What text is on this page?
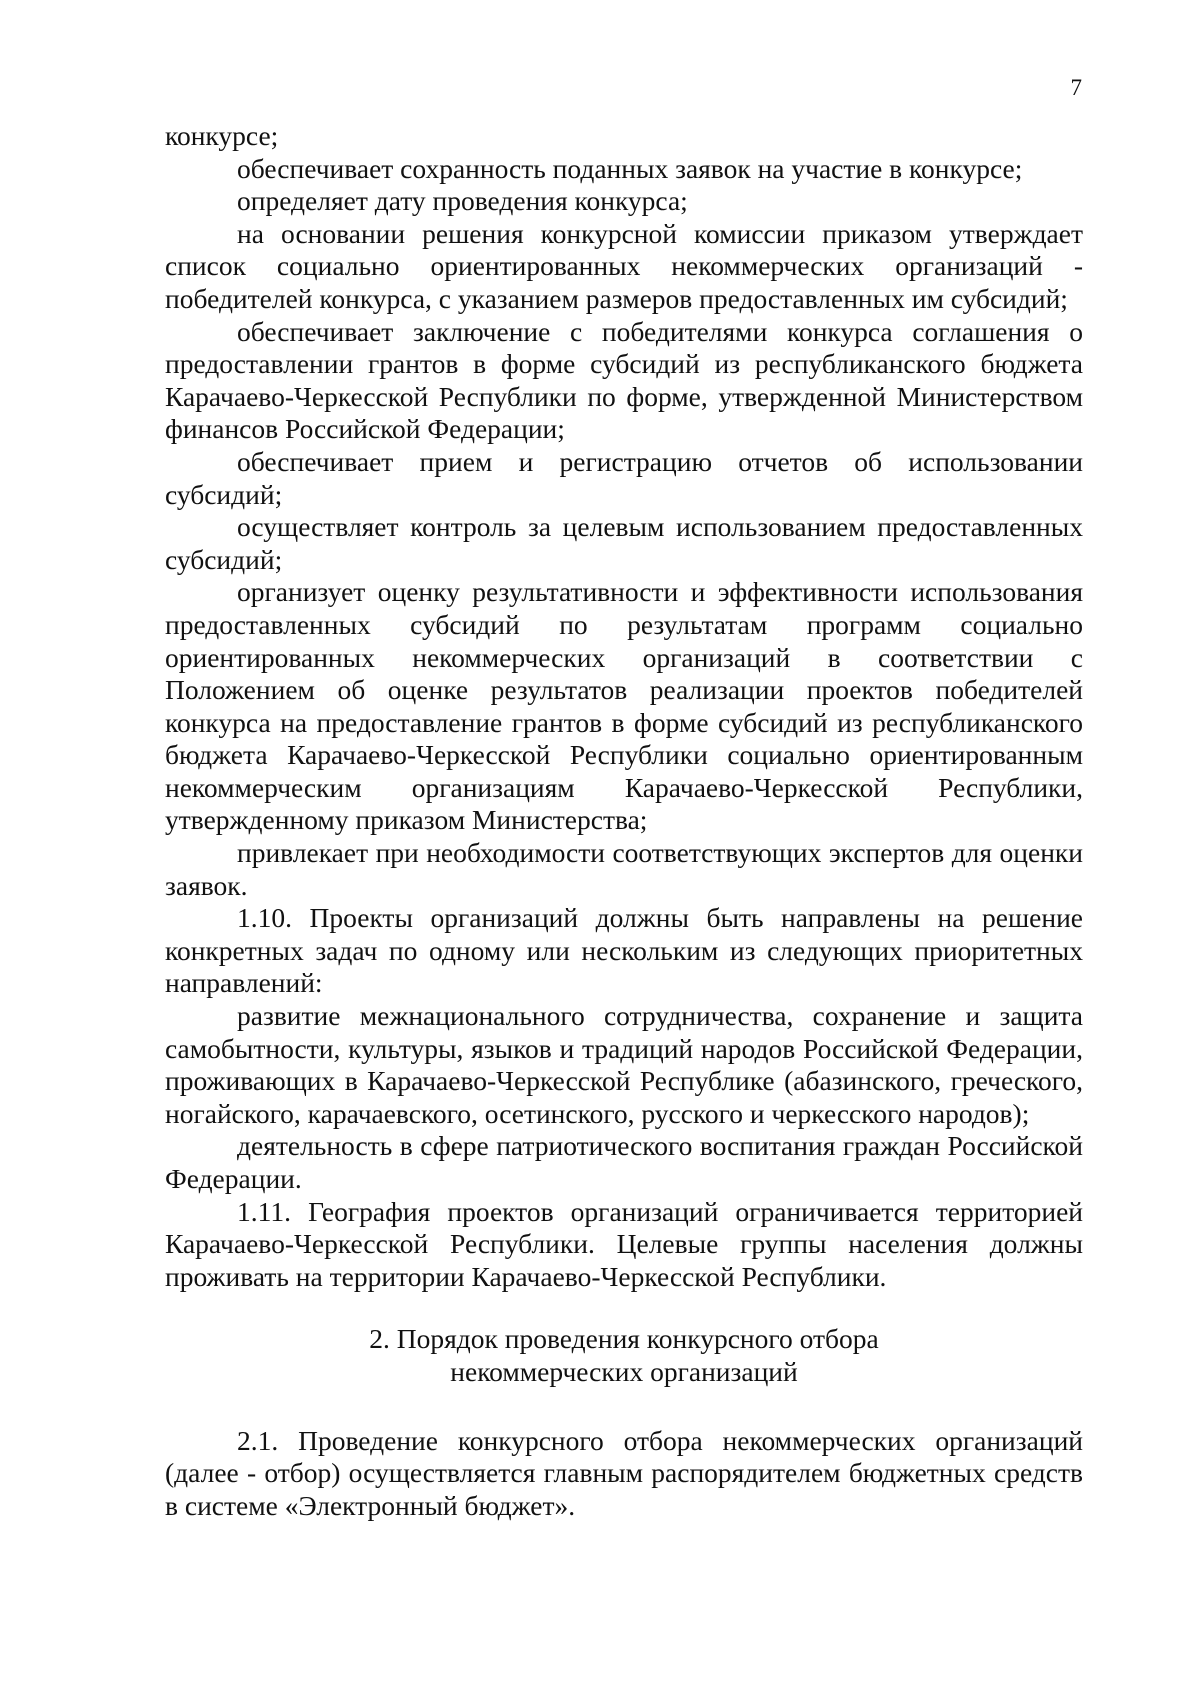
7

конкурсе;

обеспечивает сохранность поданных заявок на участие в конкурсе;

определяет дату проведения конкурса;

на основании решения конкурсной комиссии приказом утверждает список социально ориентированных некоммерческих организаций - победителей конкурса, с указанием размеров предоставленных им субсидий;

обеспечивает заключение с победителями конкурса соглашения о предоставлении грантов в форме субсидий из республиканского бюджета Карачаево-Черкесской Республики по форме, утвержденной Министерством финансов Российской Федерации;

обеспечивает прием и регистрацию отчетов об использовании субсидий;

осуществляет контроль за целевым использованием предоставленных субсидий;

организует оценку результативности и эффективности использования предоставленных субсидий по результатам программ социально ориентированных некоммерческих организаций в соответствии с Положением об оценке результатов реализации проектов победителей конкурса на предоставление грантов в форме субсидий из республиканского бюджета Карачаево-Черкесской Республики социально ориентированным некоммерческим организациям Карачаево-Черкесской Республики, утвержденному приказом Министерства;

привлекает при необходимости соответствующих экспертов для оценки заявок.

1.10. Проекты организаций должны быть направлены на решение конкретных задач по одному или нескольким из следующих приоритетных направлений:

развитие межнационального сотрудничества, сохранение и защита самобытности, культуры, языков и традиций народов Российской Федерации, проживающих в Карачаево-Черкесской Республике (абазинского, греческого, ногайского, карачаевского, осетинского, русского и черкесского народов);

деятельность в сфере патриотического воспитания граждан Российской Федерации.

1.11. География проектов организаций ограничивается территорией Карачаево-Черкесской Республики. Целевые группы населения должны проживать на территории Карачаево-Черкесской Республики.

2. Порядок проведения конкурсного отбора
некоммерческих организаций

2.1. Проведение конкурсного отбора некоммерческих организаций (далее - отбор) осуществляется главным распорядителем бюджетных средств в системе «Электронный бюджет».
